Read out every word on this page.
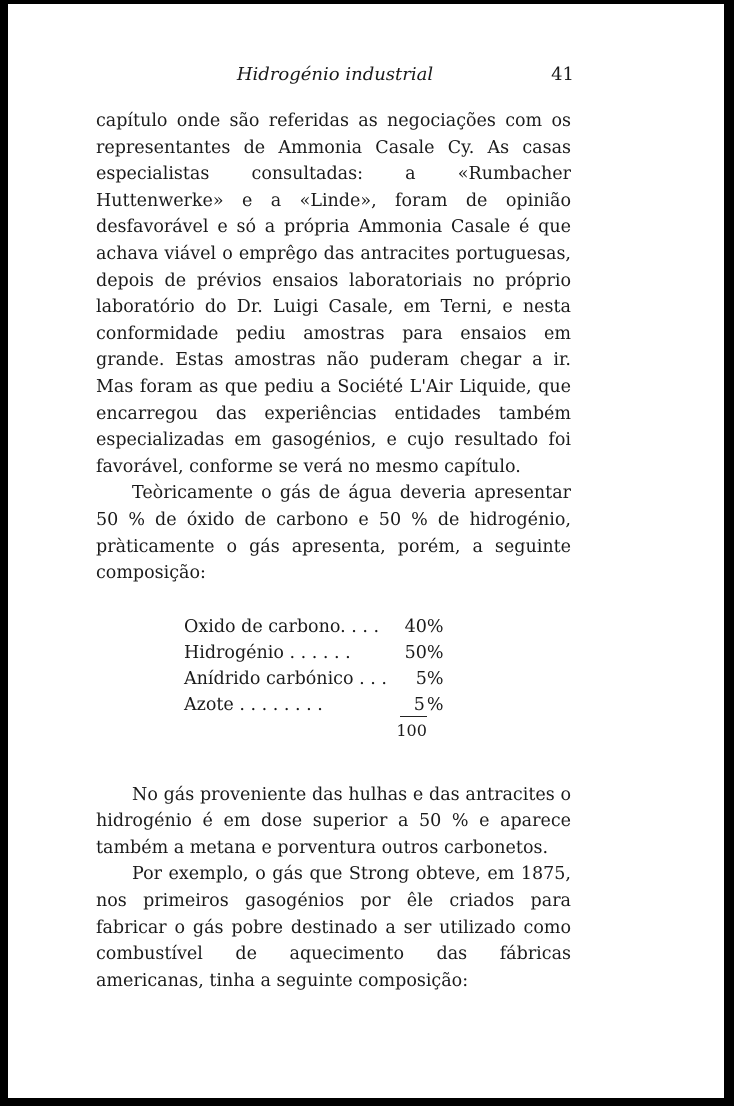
Hidrogénio industrial	41

capítulo onde são referidas as negociações com os representantes de Ammonia Casale Cy. As casas especialistas consultadas: a «Rumbacher Huttenwerke» e a «Linde», foram de opinião desfavorável e só a própria Ammonia Casale é que achava viável o emprêgo das antracites portuguesas, depois de prévios ensaios laboratoriais no próprio laboratório do Dr. Luigi Casale, em Terni, e nesta conformidade pediu amostras para ensaios em grande. Estas amostras não puderam chegar a ir. Mas foram as que pediu a Société L'Air Liquide, que encarregou das experiências entidades também especializadas em gasogénios, e cujo resultado foi favorável, conforme se verá no mesmo capítulo.

Teòricamente o gás de água deveria apresentar 50 % de óxido de carbono e 50 % de hidrogénio, pràticamente o gás apresenta, porém, a seguinte composição:

Oxido de carbono. . . .	40	%
Hidrogénio . . . . . .	50	%
Anídrido carbónico . . .	5	%
Azote . . . . . . . .	5	%
	100	

No gás proveniente das hulhas e das antracites o hidrogénio é em dose superior a 50 % e aparece também a metana e porventura outros carbonetos.

Por exemplo, o gás que Strong obteve, em 1875, nos primeiros gasogénios por êle criados para fabricar o gás pobre destinado a ser utilizado como combustível de aquecimento das fábricas americanas, tinha a seguinte composição:
